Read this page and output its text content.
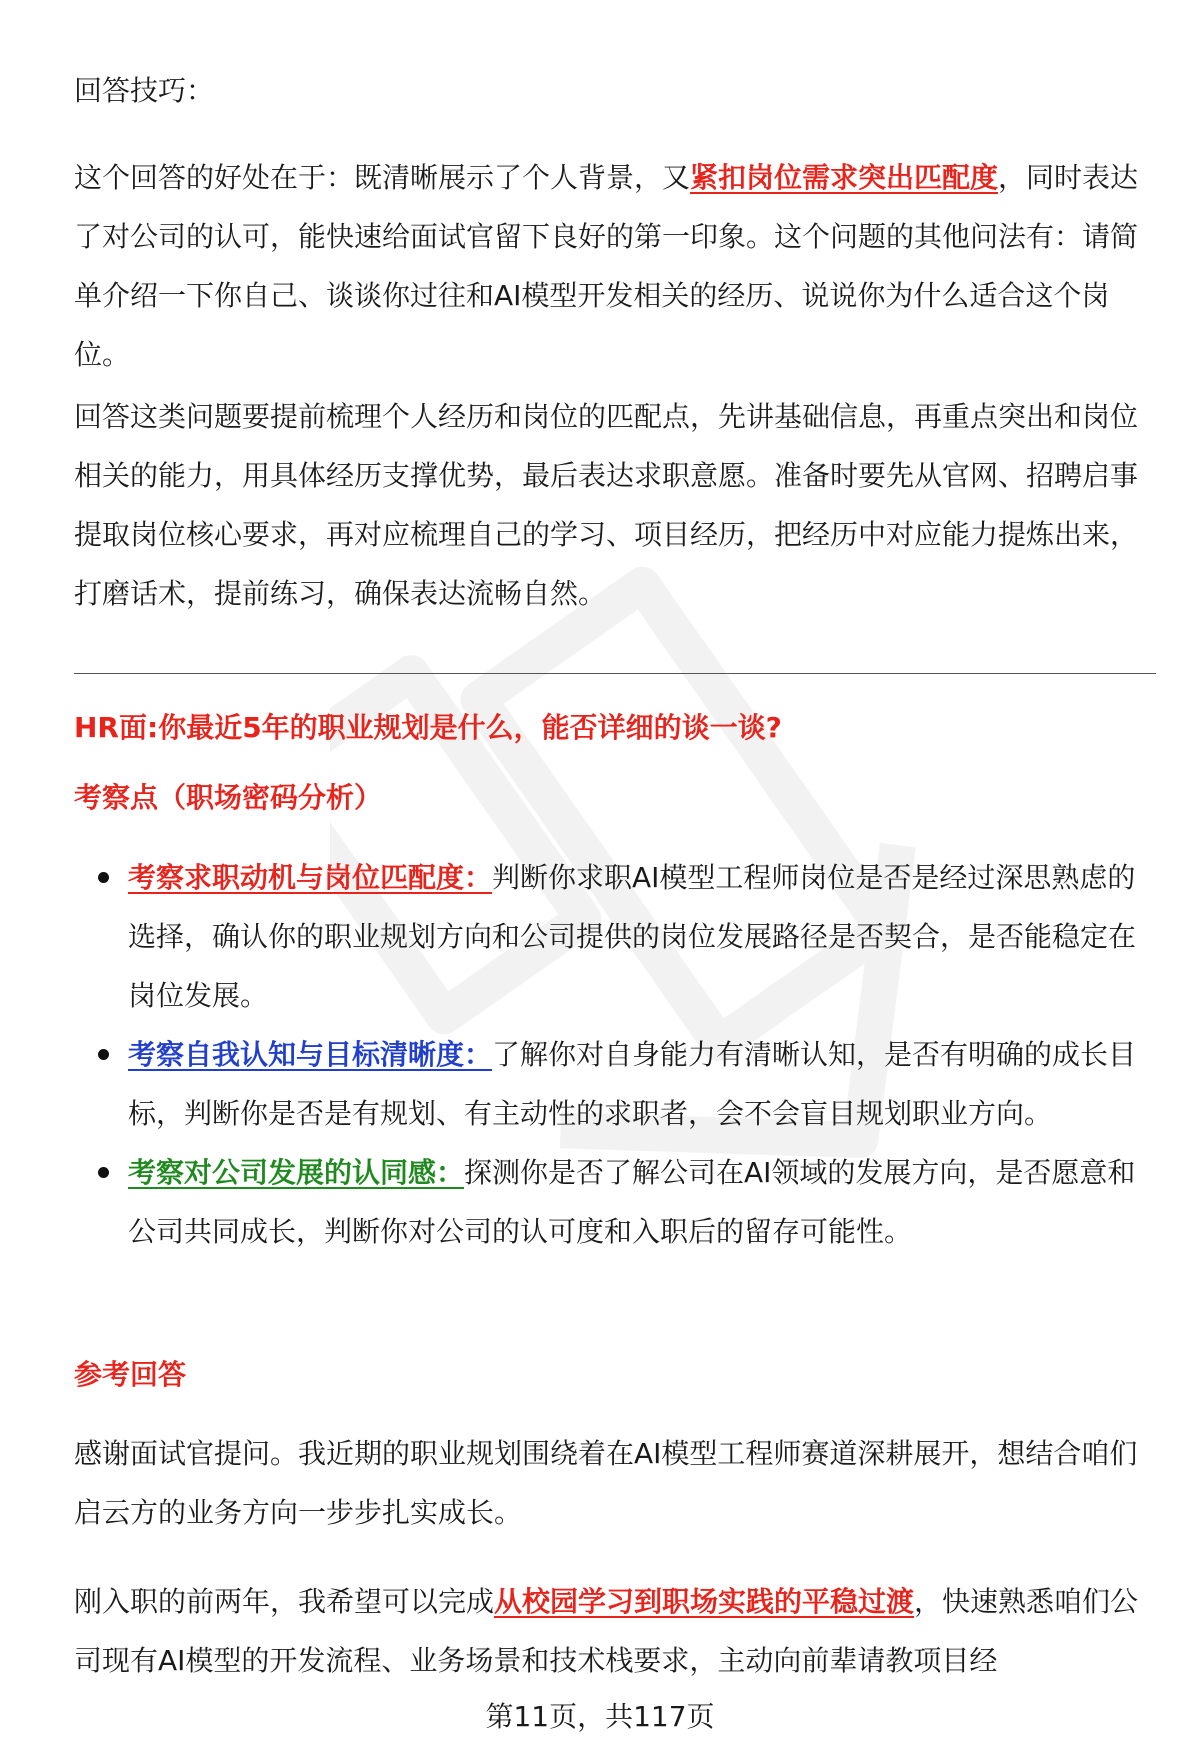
回答技巧：

这个回答的好处在于：既清晰展示了个人背景，又紧扣岗位需求突出匹配度，同时表达了对公司的认可，能快速给面试官留下良好的第一印象。这个问题的其他问法有：请简单介绍一下你自己、谈谈你过往和AI模型开发相关的经历、说说你为什么适合这个岗位。

回答这类问题要提前梳理个人经历和岗位的匹配点，先讲基础信息，再重点突出和岗位相关的能力，用具体经历支撑优势，最后表达求职意愿。准备时要先从官网、招聘启事提取岗位核心要求，再对应梳理自己的学习、项目经历，把经历中对应能力提炼出来，打磨话术，提前练习，确保表达流畅自然。

HR面:你最近5年的职业规划是什么，能否详细的谈一谈?
考察点（职场密码分析）
考察求职动机与岗位匹配度：判断你求职AI模型工程师岗位是否是经过深思熟虑的选择，确认你的职业规划方向和公司提供的岗位发展路径是否契合，是否能稳定在岗位发展。
考察自我认知与目标清晰度：了解你对自身能力有清晰认知，是否有明确的成长目标，判断你是否是有规划、有主动性的求职者，会不会盲目规划职业方向。
考察对公司发展的认同感：探测你是否了解公司在AI领域的发展方向，是否愿意和公司共同成长，判断你对公司的认可度和入职后的留存可能性。
参考回答

感谢面试官提问。我近期的职业规划围绕着在AI模型工程师赛道深耕展开，想结合咱们启云方的业务方向一步步扎实成长。

刚入职的前两年，我希望可以完成从校园学习到职场实践的平稳过渡，快速熟悉咱们公司现有AI模型的开发流程、业务场景和技术栈要求，主动向前辈请教项目经

第11页，共117页
